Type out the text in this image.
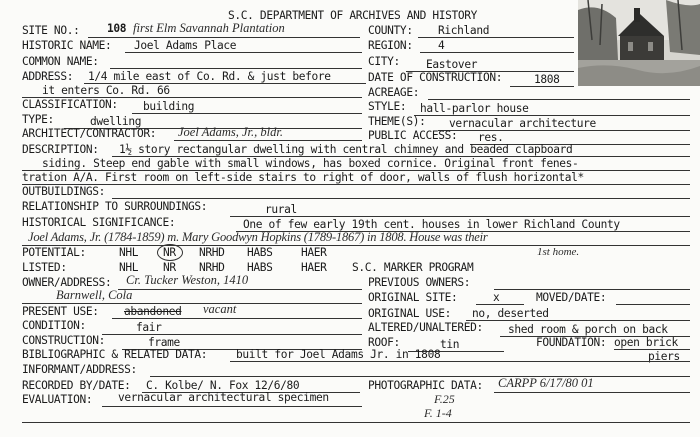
S.C. DEPARTMENT OF ARCHIVES AND HISTORY
SITE NO.: 108 first Elm Savannah Plantation	COUNTY: Richland
HISTORIC NAME: Joel Adams Place	REGION: 4
COMMON NAME:	CITY: Eastover
ADDRESS: 1/4 mile east of Co. Rd. & just before	DATE OF CONSTRUCTION:	1808
it enters Co. Rd. 66	ACREAGE:
CLASSIFICATION: building	STYLE: hall-parlor house
TYPE:	dwelling	THEME(S): vernacular architecture
ARCHITECT/CONTRACTOR: Joel Adams, Jr., bldr.	PUBLIC ACCESS: res.
DESCRIPTION: 1½ story rectangular dwelling with central chimney and beaded clapboard
siding. Steep end gable with small windows, has boxed cornice. Original front fenes-
tration A/A. First room on left-side stairs to right of door, walls of flush horizontal*
OUTBUILDINGS:
RELATIONSHIP TO SURROUNDINGS:	rural
HISTORICAL SIGNIFICANCE:	One of few early 19th cent. houses in lower Richland County
Joel Adams, Jr. (1784-1859) m. Mary Goodwyn Hopkins (1789-1867) in 1808. House was their
1st home.
POTENTIAL:	NHL NR NRHD HABS	HAER
LISTED:	NHL NR NRHD HABS	HAER S.C. MARKER PROGRAM
OWNER/ADDRESS: Cr. Tucker Weston, 1410	PREVIOUS OWNERS:
Barnwell, Cola	ORIGINAL SITE:	x	MOVED/DATE:
PRESENT USE: abandoned vacant	ORIGINAL USE: no, deserted
CONDITION:	fair	ALTERED/UNALTERED: shed room & porch on back
CONSTRUCTION:	frame	ROOF:	tin	FOUNDATION: open brick
BIBLIOGRAPHIC & RELATED DATA:	built for Joel Adams Jr. in 1808	piers
INFORMANT/ADDRESS:
RECORDED BY/DATE: C. Kolbe/ N. Fox 12/6/80	PHOTOGRAPHIC DATA: CARPP 6/17/80 01
EVALUATION: vernacular architectural specimen	F.25
F. 1-4
